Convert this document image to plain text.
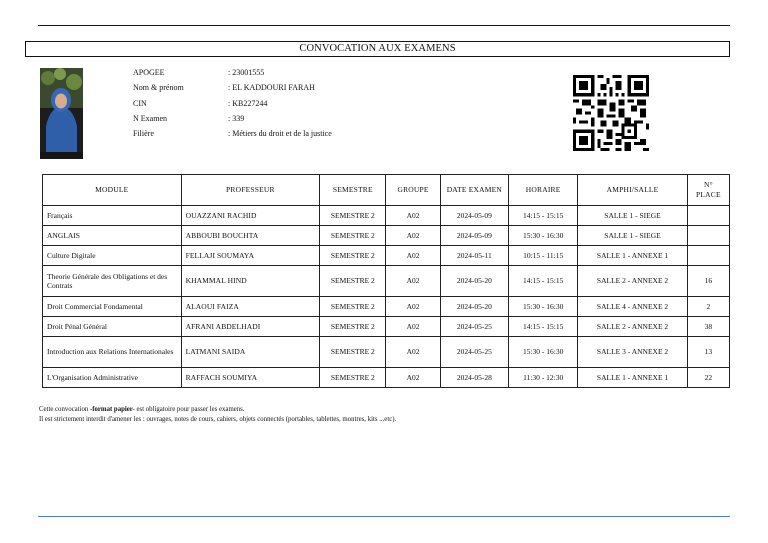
CONVOCATION AUX EXAMENS
APOGEE	: 23001555
Nom & prénom	: EL KADDOURI FARAH
CIN	: KB227244
N Examen	: 339
Filière	: Métiers du droit et de la justice
MODULE	PROFESSEUR	SEMESTRE	GROUPE	DATE EXAMEN	HORAIRE	AMPHI/SALLE	N° PLACE
Français	OUAZZANI RACHID	SEMESTRE 2	A02	2024-05-09	14:15 - 15:15	SALLE 1 - SIEGE	
ANGLAIS	ABBOUBI BOUCHTA	SEMESTRE 2	A02	2024-05-09	15:30 - 16:30	SALLE 1 - SIEGE	
Culture Digitale	FELLAJI SOUMAYA	SEMESTRE 2	A02	2024-05-11	10:15 - 11:15	SALLE 1 - ANNEXE 1	
Theorie Générale des Obligations et des Contrats	KHAMMAL HIND	SEMESTRE 2	A02	2024-05-20	14:15 - 15:15	SALLE 2 - ANNEXE 2	16
Droit Commercial Fondamental	ALAOUI FAIZA	SEMESTRE 2	A02	2024-05-20	15:30 - 16:30	SALLE 4 - ANNEXE 2	2
Droit Pénal Général	AFRANI ABDELHADI	SEMESTRE 2	A02	2024-05-25	14:15 - 15:15	SALLE 2 - ANNEXE 2	38
Introduction aux Relations Internationales	LATMANI SAIDA	SEMESTRE 2	A02	2024-05-25	15:30 - 16:30	SALLE 3 - ANNEXE 2	13
L'Organisation Administrative	RAFFACH SOUMIYA	SEMESTRE 2	A02	2024-05-28	11:30 - 12:30	SALLE 1 - ANNEXE 1	22
Cette convocation -format papier- est obligatoire pour passer les examens.
Il est strictement interdit d'amener les : ouvrages, notes de cours, cahiers, objets connectés (portables, tablettes, montres, kits ...etc).
